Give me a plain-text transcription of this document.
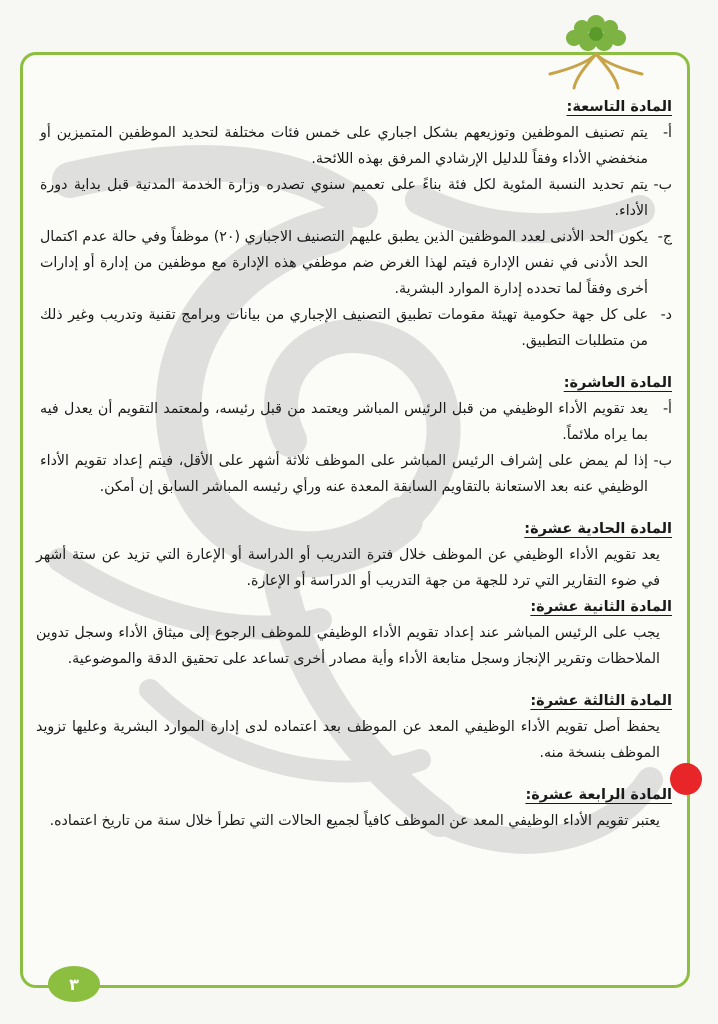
المادة التاسعة:
أ-
يتم تصنيف الموظفين وتوزيعهم بشكل اجباري على خمس فئات مختلفة لتحديد الموظفين المتميزين أو منخفضي الأداء وفقاً للدليل الإرشادي المرفق بهذه اللائحة.
ب-
يتم تحديد النسبة المئوية لكل فئة بناءً على تعميم سنوي تصدره وزارة الخدمة المدنية قبل بداية دورة الأداء.
ج-
يكون الحد الأدنى لعدد الموظفين الذين يطبق عليهم التصنيف الاجباري (٢٠) موظفاً وفي حالة عدم اكتمال الحد الأدنى في نفس الإدارة فيتم لهذا الغرض ضم موظفي هذه الإدارة مع موظفين من إدارة أو إدارات أخرى وفقاً لما تحدده إدارة الموارد البشرية.
د-
على كل جهة حكومية تهيئة مقومات تطبيق التصنيف الإجباري من بيانات وبرامج تقنية وتدريب وغير ذلك من متطلبات التطبيق.
المادة العاشرة:
أ-
يعد تقويم الأداء الوظيفي من قبل الرئيس المباشر ويعتمد من قبل رئيسه، ولمعتمد التقويم أن يعدل فيه بما يراه ملائماً.
ب-
إذا لم يمض على إشراف الرئيس المباشر على الموظف ثلاثة أشهر على الأقل، فيتم إعداد تقويم الأداء الوظيفي عنه بعد الاستعانة بالتقاويم السابقة المعدة عنه ورأي رئيسه المباشر السابق إن أمكن.
المادة الحادية عشرة:
يعد تقويم الأداء الوظيفي عن الموظف خلال فترة التدريب أو الدراسة أو الإعارة التي تزيد عن ستة أشهر في ضوء التقارير التي ترد للجهة من جهة التدريب أو الدراسة أو الإعارة.
المادة الثانية عشرة:
يجب على الرئيس المباشر عند إعداد تقويم الأداء الوظيفي للموظف الرجوع إلى ميثاق الأداء وسجل تدوين الملاحظات وتقرير الإنجاز وسجل متابعة الأداء وأية مصادر أخرى تساعد على تحقيق الدقة والموضوعية.
المادة الثالثة عشرة:
يحفظ أصل تقويم الأداء الوظيفي المعد عن الموظف بعد اعتماده لدى إدارة الموارد البشرية وعليها تزويد الموظف بنسخة منه.
المادة الرابعة عشرة:
يعتبر تقويم الأداء الوظيفي المعد عن الموظف كافياً لجميع الحالات التي تطرأ خلال سنة من تاريخ اعتماده.
٣
